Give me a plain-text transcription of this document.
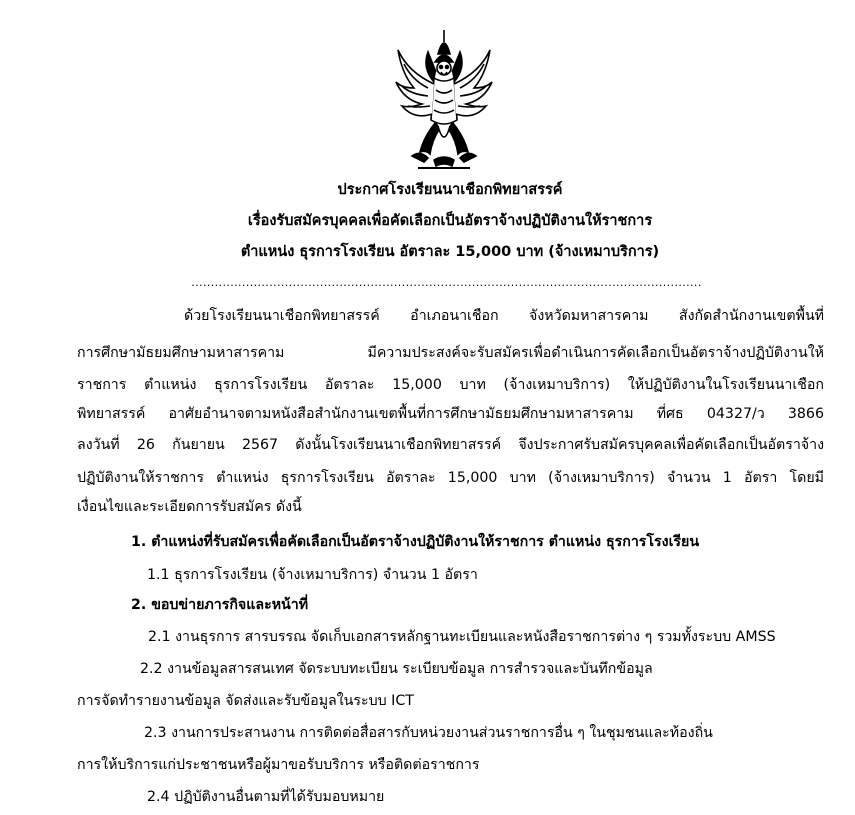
ประกาศโรงเรียนนาเชือกพิทยาสรรค์
เรื่องรับสมัครบุคคลเพื่อคัดเลือกเป็นอัตราจ้างปฏิบัติงานให้ราชการ
ตำแหน่ง ธุรการโรงเรียน อัตราละ 15,000 บาท (จ้างเหมาบริการ)
...................................................................................................................................
ด้วยโรงเรียนนาเชือกพิทยาสรรค์ อำเภอนาเชือก จังหวัดมหาสารคาม สังกัดสำนักงานเขตพื้นที่
การศึกษามัธยมศึกษามหาสารคาม มีความประสงค์จะรับสมัครเพื่อดำเนินการคัดเลือกเป็นอัตราจ้างปฏิบัติงานให้
ราชการ ตำแหน่ง ธุรการโรงเรียน อัตราละ 15,000 บาท (จ้างเหมาบริการ) ให้ปฏิบัติงานในโรงเรียนนาเชือก
พิทยาสรรค์ อาศัยอำนาจตามหนังสือสำนักงานเขตพื้นที่การศึกษามัธยมศึกษามหาสารคาม ที่ศธ 04327/ว 3866
ลงวันที่ 26 กันยายน 2567 ดังนั้นโรงเรียนนาเชือกพิทยาสรรค์ จึงประกาศรับสมัครบุคคลเพื่อคัดเลือกเป็นอัตราจ้าง
ปฏิบัติงานให้ราชการ ตำแหน่ง ธุรการโรงเรียน อัตราละ 15,000 บาท (จ้างเหมาบริการ) จำนวน 1 อัตรา โดยมี
เงื่อนไขและระเอียดการรับสมัคร ดังนี้
1. ตำแหน่งที่รับสมัครเพื่อคัดเลือกเป็นอัตราจ้างปฏิบัติงานให้ราชการ ตำแหน่ง ธุรการโรงเรียน
1.1 ธุรการโรงเรียน (จ้างเหมาบริการ) จำนวน 1 อัตรา
2. ขอบข่ายภารกิจและหน้าที่
2.1 งานธุรการ สารบรรณ จัดเก็บเอกสารหลักฐานทะเบียนและหนังสือราชการต่าง ๆ รวมทั้งระบบ AMSS
2.2 งานข้อมูลสารสนเทศ จัดระบบทะเบียน ระเบียบข้อมูล การสำรวจและบันทึกข้อมูล
การจัดทำรายงานข้อมูล จัดส่งและรับข้อมูลในระบบ ICT
2.3 งานการประสานงาน การติดต่อสื่อสารกับหน่วยงานส่วนราชการอื่น ๆ ในชุมชนและท้องถิ่น
การให้บริการแก่ประชาชนหรือผู้มาขอรับบริการ หรือติดต่อราชการ
2.4 ปฏิบัติงานอื่นตามที่ได้รับมอบหมาย
